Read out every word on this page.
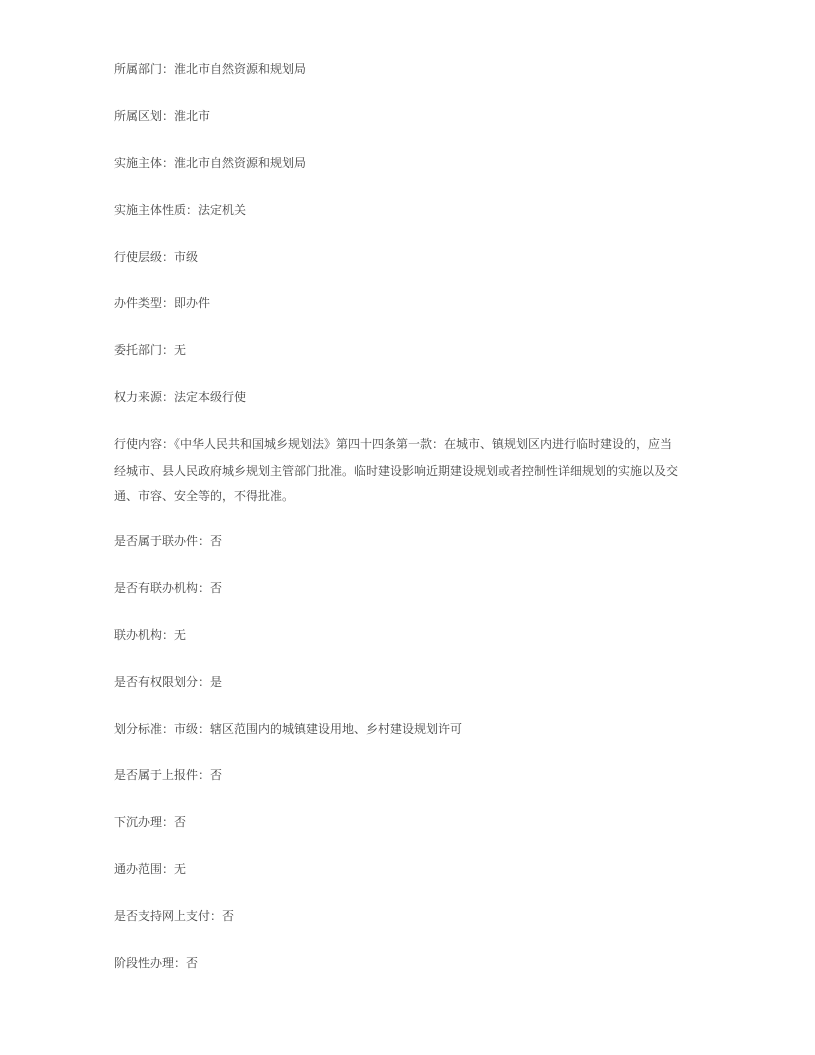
所属部门：淮北市自然资源和规划局
所属区划：淮北市
实施主体：淮北市自然资源和规划局
实施主体性质：法定机关
行使层级：市级
办件类型：即办件
委托部门：无
权力来源：法定本级行使
行使内容：《中华人民共和国城乡规划法》第四十四条第一款：在城市、镇规划区内进行临时建设的，应当
经城市、县人民政府城乡规划主管部门批准。临时建设影响近期建设规划或者控制性详细规划的实施以及交
通、市容、安全等的，不得批准。
是否属于联办件：否
是否有联办机构：否
联办机构：无
是否有权限划分：是
划分标准：市级：辖区范围内的城镇建设用地、乡村建设规划许可
是否属于上报件：否
下沉办理：否
通办范围：无
是否支持网上支付：否
阶段性办理：否
